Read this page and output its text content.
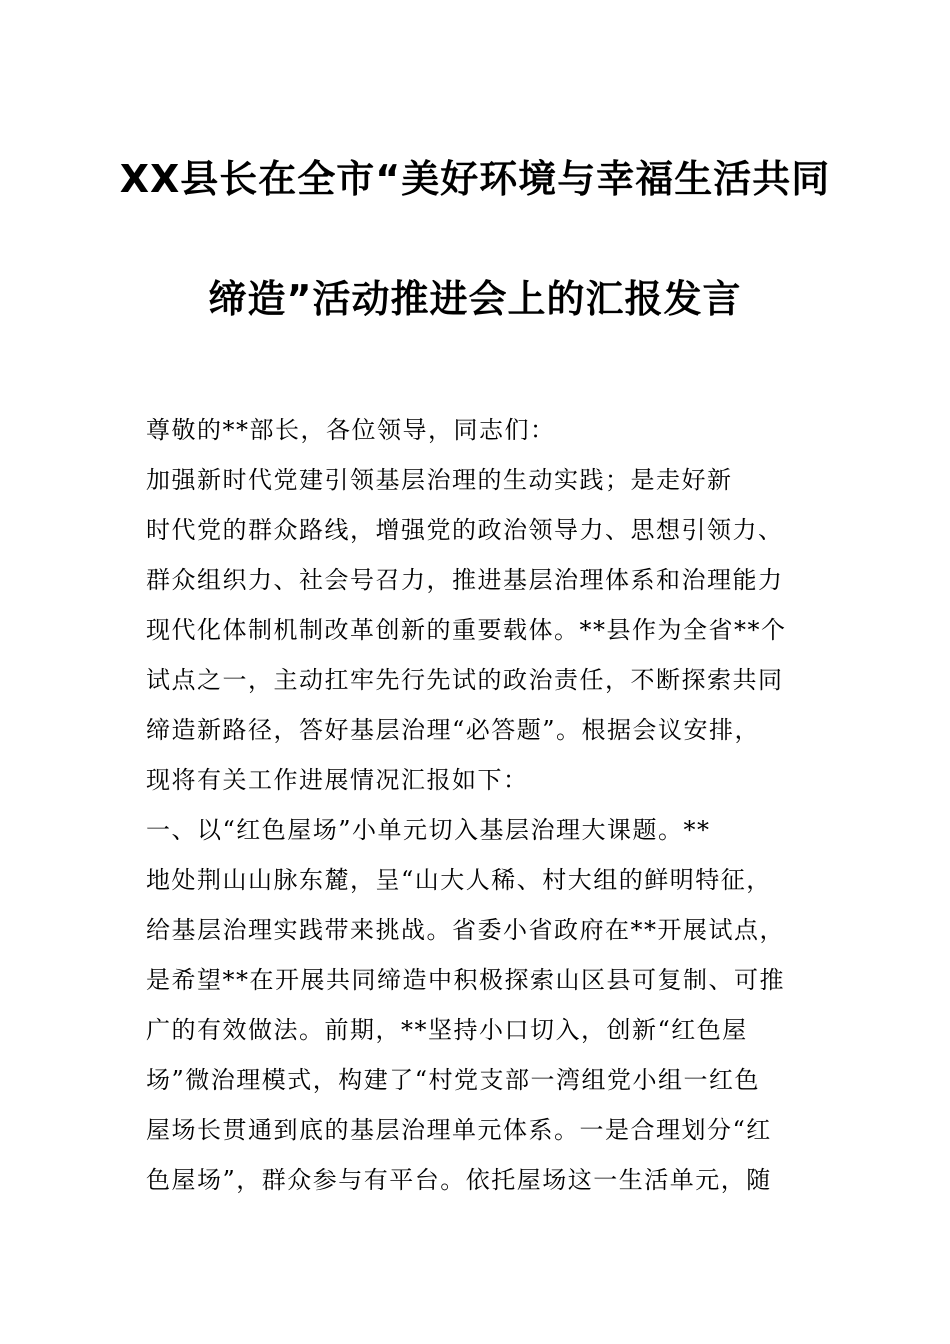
XX县长在全市“美好环境与幸福生活共同
缔造”活动推进会上的汇报发言
尊敬的**部长，各位领导，同志们：
加强新时代党建引领基层治理的生动实践；是走好新
时代党的群众路线，增强党的政治领导力、思想引领力、
群众组织力、社会号召力，推进基层治理体系和治理能力
现代化体制机制改革创新的重要载体。**县作为全省**个
试点之一，主动扛牢先行先试的政治责任，不断探索共同
缔造新路径，答好基层治理“必答题”。根据会议安排，
现将有关工作进展情况汇报如下：
一、以“红色屋场”小单元切入基层治理大课题。**
地处荆山山脉东麓，呈“山大人稀、村大组的鲜明特征，
给基层治理实践带来挑战。省委小省政府在**开展试点，
是希望**在开展共同缔造中积极探索山区县可复制、可推
广的有效做法。前期，**坚持小口切入，创新“红色屋
场”微治理模式，构建了“村党支部一湾组党小组一红色
屋场长贯通到底的基层治理单元体系。一是合理划分“红
色屋场”，群众参与有平台。依托屋场这一生活单元，随
